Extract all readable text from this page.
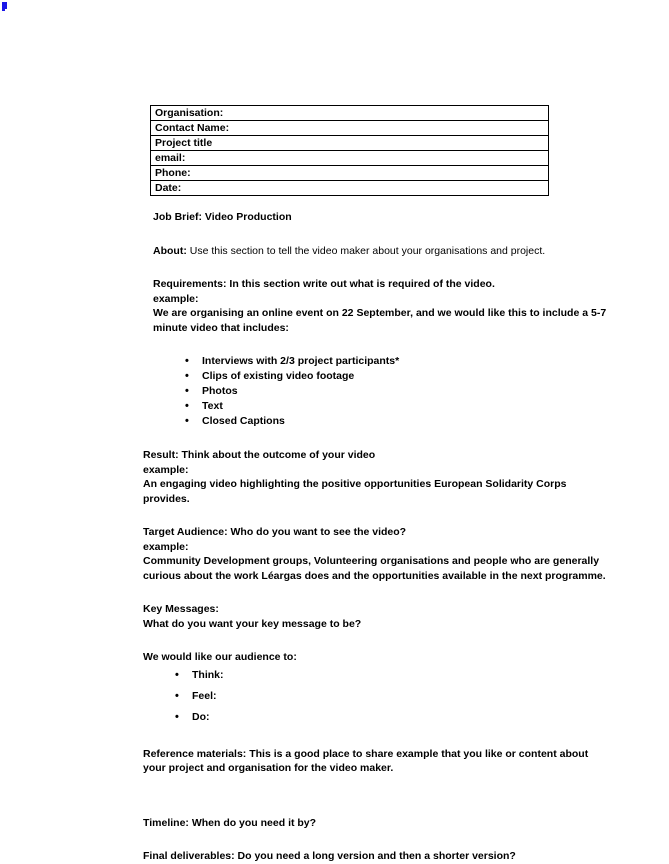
Organisation:
Contact Name:
Project title
email:
Phone:
Date:

Job Brief: Video Production

About: Use this section to tell the video maker about your organisations and project.

Requirements: In this section write out what is required of the video.

example:

We are organising an online event on 22 September, and we would like this to include a 5-7 minute video that includes:

• Interviews with 2/3 project participants*
• Clips of existing video footage
• Photos
• Text
• Closed Captions

Result: Think about the outcome of your video

example:

An engaging video highlighting the positive opportunities European Solidarity Corps provides.

Target Audience: Who do you want to see the video?

example:

Community Development groups, Volunteering organisations and people who are generally curious about the work Léargas does and the opportunities available in the next programme.

Key Messages:

What do you want your key message to be?

We would like our audience to:

• Think:
• Feel:
• Do:

Reference materials: This is a good place to share example that you like or content about your project and organisation for the video maker.

Timeline: When do you need it by?

Final deliverables: Do you need a long version and then a shorter version?
